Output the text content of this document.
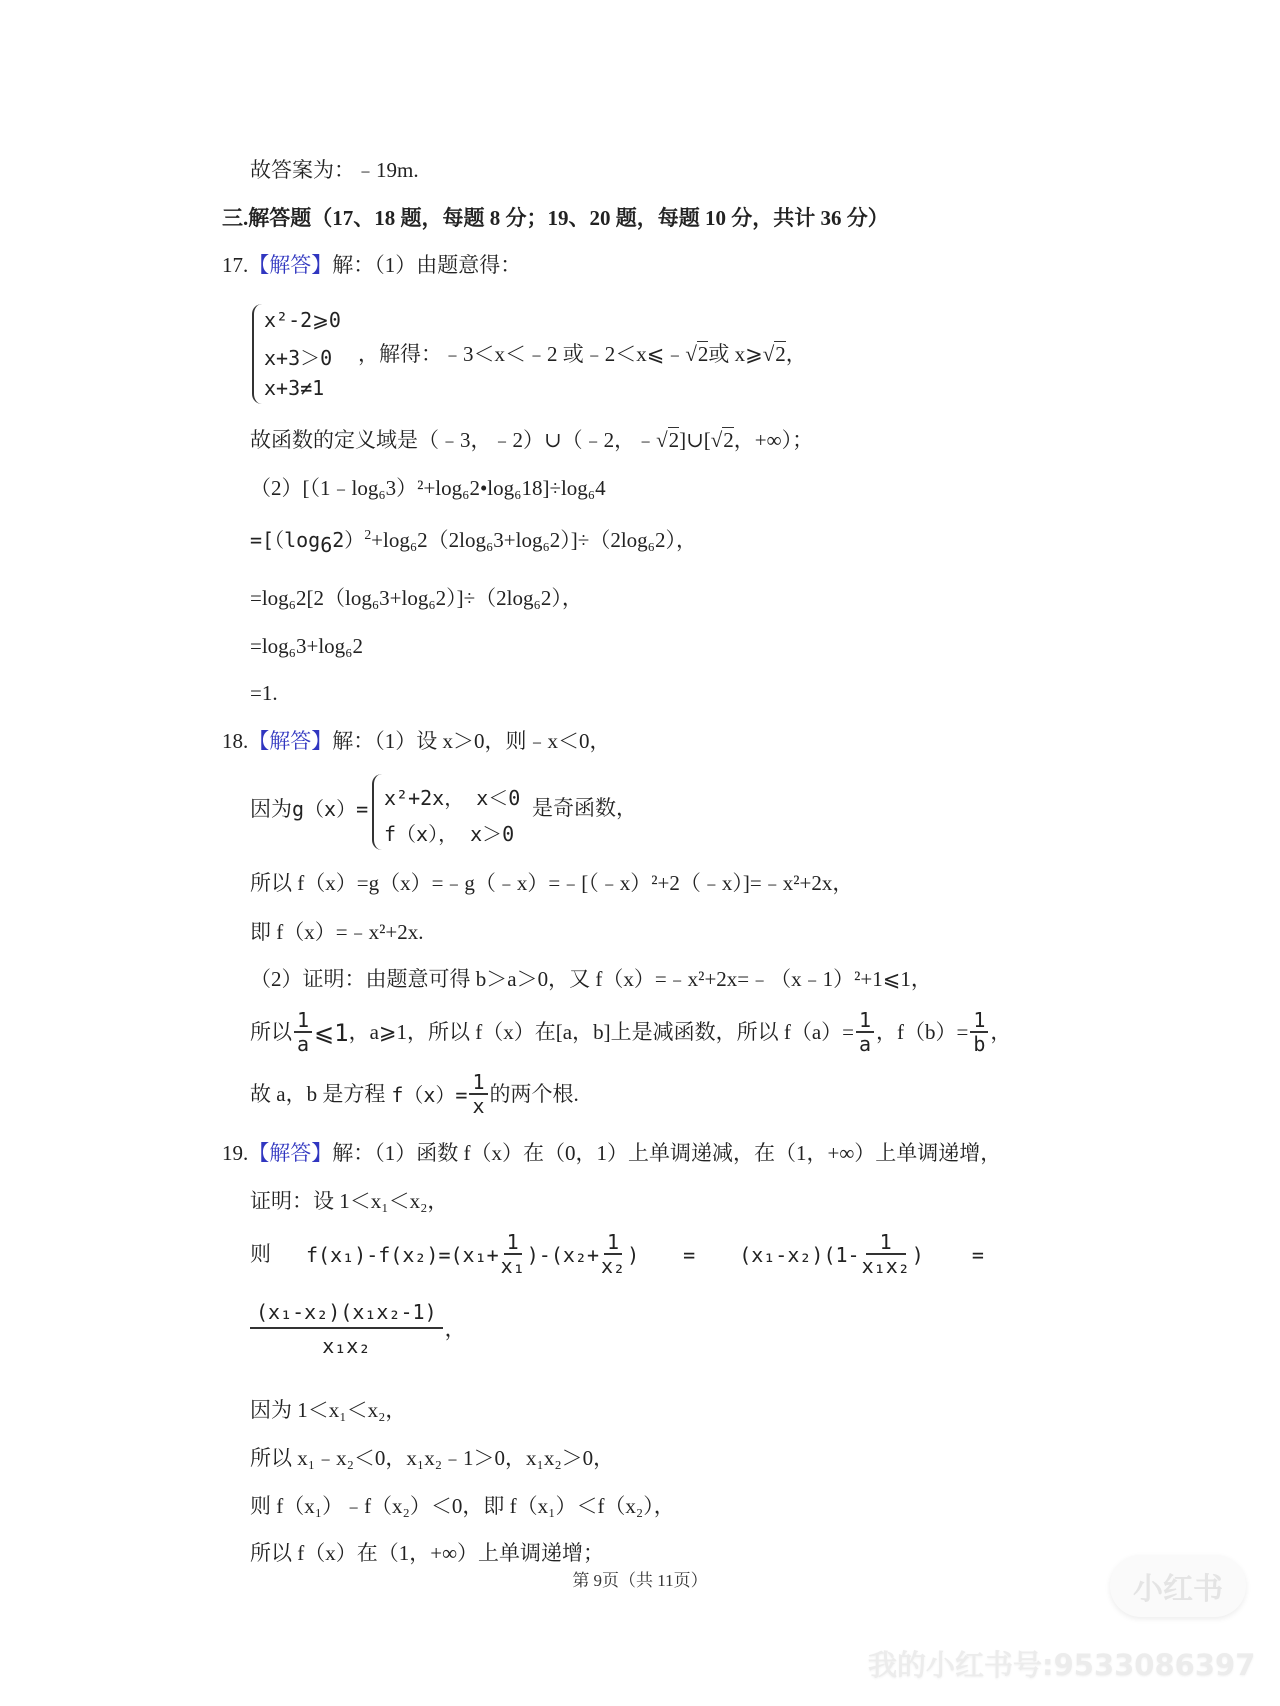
故答案为：﹣19m.
三.解答题（17、18 题，每题 8 分；19、20 题，每题 10 分，共计 36 分）
17.【解答】解：（1）由题意得：
x²-2⩾0
x+3＞0
x+3≠1
，解得：﹣3＜x＜﹣2 或﹣2＜x⩽﹣√2或 x⩾√2，
故函数的定义域是（﹣3，﹣2）∪（﹣2，﹣√2]∪[√2，+∞）；
（2）[（1﹣log₆3）²+log₆2•log₆18]÷log₆4
$=[(\log_62)^2+\log_62(2\log_63+\log_62)]\div(2\log_62)$，
=log₆2[2（log₆3+log₆2）]÷（2log₆2），
=log₆3+log₆2
=1.
18.【解答】解：（1）设 x＞0，则﹣x＜0，
因为g（x）= x²+2x， x＜0
f（x）， x＞0
是奇函数，
所以 f（x）=g（x）=﹣g（﹣x）=﹣[（﹣x）²+2（﹣x）]=﹣x²+2x，
即 f（x）=﹣x²+2x.
（2）证明：由题意可得 b＞a＞0，又 f（x）=﹣x²+2x=﹣（x﹣1）²+1⩽1，
所以 $\frac{1}{a}$ ⩽1 ，a⩾1，所以 f（x）在[a，b]上是减函数，所以 $f(a)= \frac{1}{a}$ ，$f(b)= \frac{1}{b}$ ，
故 a，b 是方程 $f(x)= \frac{1}{x}$ 的两个根.
19.【解答】解：（1）函数 f（x）在（0，1）上单调递减，在（1，+∞）上单调递增，
证明：设 1＜x₁＜x₂，
则	$f(x_1)-f(x_2)=(x_1+ \frac{1}{\text{x₁}} )-(x_2+ \frac{1}{\text{x₂}}$ ) = $(x_1-x_2)(1- \frac{1}{\text{x₁x₂}}$ ) =
$\frac{\text{(x₁-x₂)(x₁x₂-1)}}{\text{x₁x₂}}$ ，
因为 1＜x₁＜x₂，
所以 x₁﹣x₂＜0，x₁x₂﹣1＞0，x₁x₂＞0，
则 f（x₁）﹣f（x₂）＜0，即 f（x₁）＜f（x₂），
所以 f（x）在（1，+∞）上单调递增；
第 9页（共 11页）	小红书
我的小红书号:9533086397
